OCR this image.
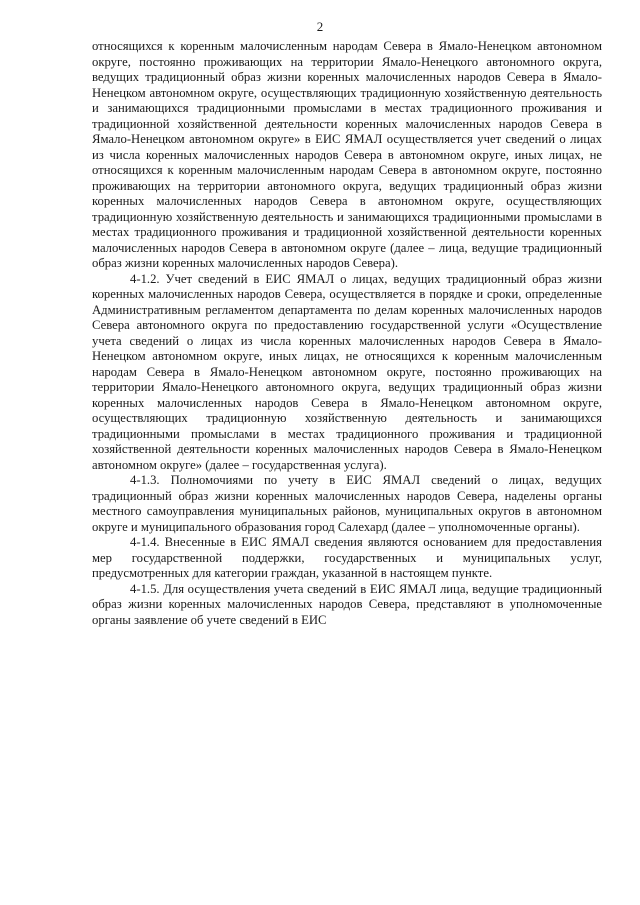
2

относящихся к коренным малочисленным народам Севера в Ямало-Ненецком автономном округе, постоянно проживающих на территории Ямало-Ненецкого автономного округа, ведущих традиционный образ жизни коренных малочисленных народов Севера в Ямало-Ненецком автономном округе, осуществляющих традиционную хозяйственную деятельность и занимающихся традиционными промыслами в местах традиционного проживания и традиционной хозяйственной деятельности коренных малочисленных народов Севера в Ямало-Ненецком автономном округе» в ЕИС ЯМАЛ осуществляется учет сведений о лицах из числа коренных малочисленных народов Севера в автономном округе, иных лицах, не относящихся к коренным малочисленным народам Севера в автономном округе, постоянно проживающих на территории автономного округа, ведущих традиционный образ жизни коренных малочисленных народов Севера в автономном округе, осуществляющих традиционную хозяйственную деятельность и занимающихся традиционными промыслами в местах традиционного проживания и традиционной хозяйственной деятельности коренных малочисленных народов Севера в автономном округе (далее – лица, ведущие традиционный образ жизни коренных малочисленных народов Севера).

4-1.2. Учет сведений в ЕИС ЯМАЛ о лицах, ведущих традиционный образ жизни коренных малочисленных народов Севера, осуществляется в порядке и сроки, определенные Административным регламентом департамента по делам коренных малочисленных народов Севера автономного округа по предоставлению государственной услуги «Осуществление учета сведений о лицах из числа коренных малочисленных народов Севера в Ямало-Ненецком автономном округе, иных лицах, не относящихся к коренным малочисленным народам Севера в Ямало-Ненецком автономном округе, постоянно проживающих на территории Ямало-Ненецкого автономного округа, ведущих традиционный образ жизни коренных малочисленных народов Севера в Ямало-Ненецком автономном округе, осуществляющих традиционную хозяйственную деятельность и занимающихся традиционными промыслами в местах традиционного проживания и традиционной хозяйственной деятельности коренных малочисленных народов Севера в Ямало-Ненецком автономном округе» (далее – государственная услуга).

4-1.3. Полномочиями по учету в ЕИС ЯМАЛ сведений о лицах, ведущих традиционный образ жизни коренных малочисленных народов Севера, наделены органы местного самоуправления муниципальных районов, муниципальных округов в автономном округе и муниципального образования город Салехард (далее – уполномоченные органы).

4-1.4. Внесенные в ЕИС ЯМАЛ сведения являются основанием для предоставления мер государственной поддержки, государственных и муниципальных услуг, предусмотренных для категории граждан, указанной в настоящем пункте.

4-1.5. Для осуществления учета сведений в ЕИС ЯМАЛ лица, ведущие традиционный образ жизни коренных малочисленных народов Севера, представляют в уполномоченные органы заявление об учете сведений в ЕИС
